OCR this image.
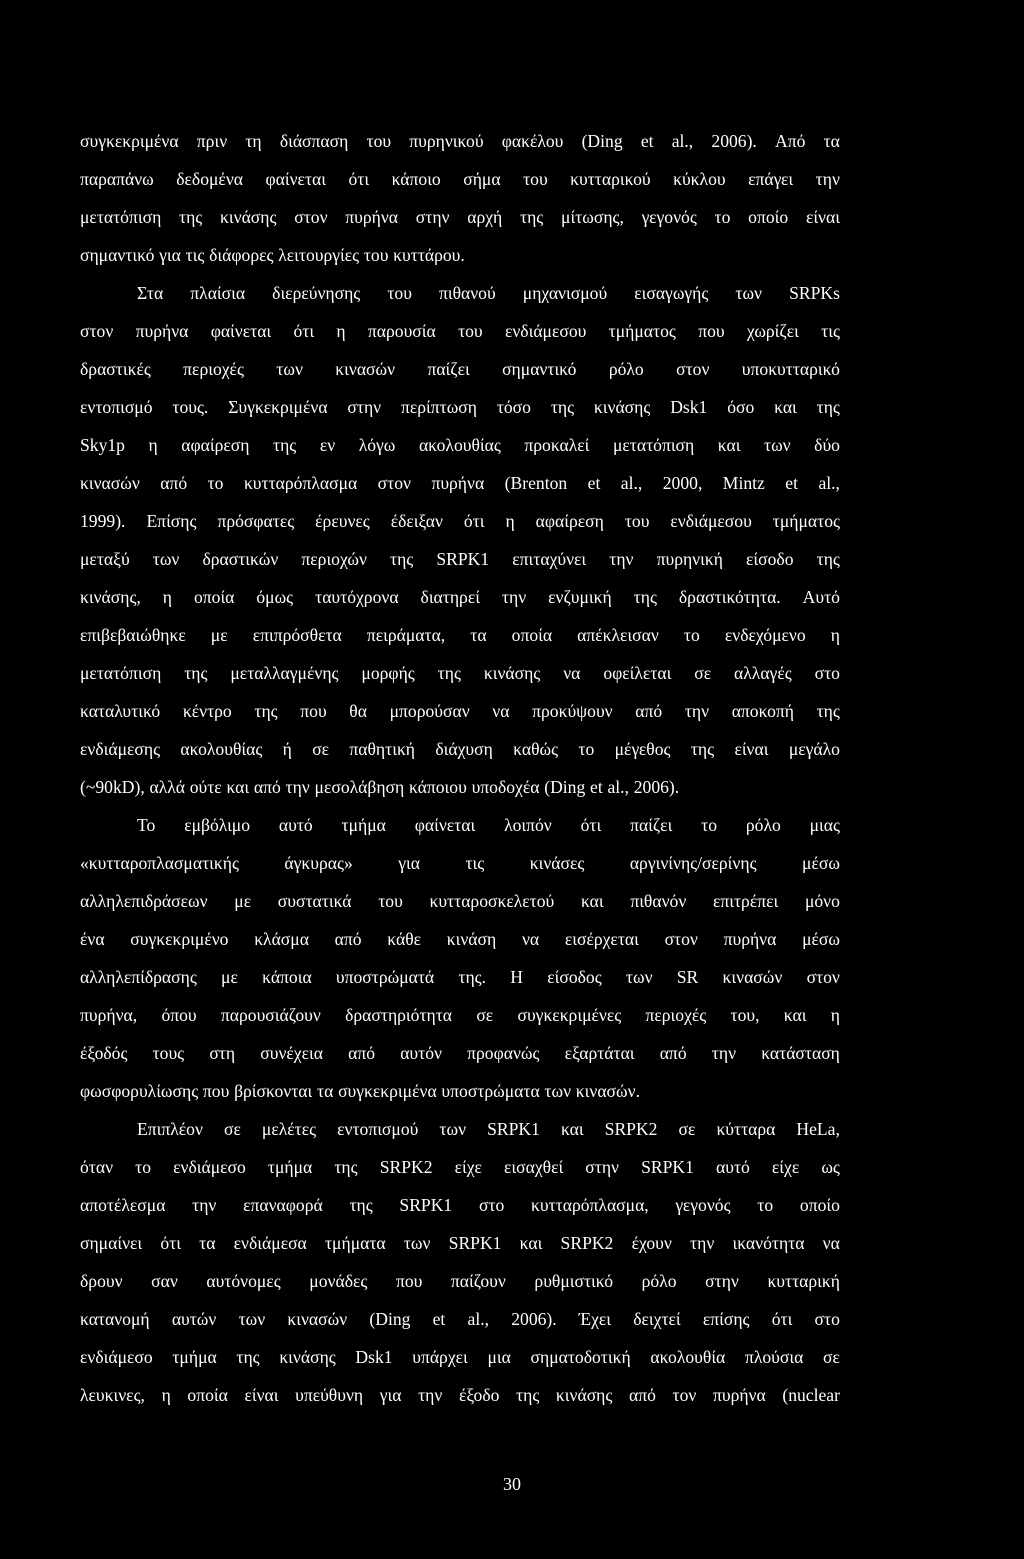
συγκεκριμένα πριν τη διάσπαση του πυρηνικού φακέλου (Ding et al., 2006). Από τα
παραπάνω δεδομένα φαίνεται ότι κάποιο σήμα του κυτταρικού κύκλου επάγει την
μετατόπιση της κινάσης στον πυρήνα στην αρχή της μίτωσης, γεγονός το οποίο είναι
σημαντικό για τις διάφορες λειτουργίες του κυττάρου.
Στα πλαίσια διερεύνησης του πιθανού μηχανισμού εισαγωγής των SRPKs
στον πυρήνα φαίνεται ότι η παρουσία του ενδιάμεσου τμήματος που χωρίζει τις
δραστικές περιοχές των κινασών παίζει σημαντικό ρόλο στον υποκυτταρικό
εντοπισμό τους. Συγκεκριμένα στην περίπτωση τόσο της κινάσης Dsk1 όσο και της
Sky1p η αφαίρεση της εν λόγω ακολουθίας προκαλεί μετατόπιση και των δύο
κινασών από το κυτταρόπλασμα στον πυρήνα (Brenton et al., 2000, Mintz et al.,
1999). Επίσης πρόσφατες έρευνες έδειξαν ότι η αφαίρεση του ενδιάμεσου τμήματος
μεταξύ των δραστικών περιοχών της SRPK1 επιταχύνει την πυρηνική είσοδο της
κινάσης, η οποία όμως ταυτόχρονα διατηρεί την ενζυμική της δραστικότητα. Αυτό
επιβεβαιώθηκε με επιπρόσθετα πειράματα, τα οποία απέκλεισαν το ενδεχόμενο η
μετατόπιση της μεταλλαγμένης μορφής της κινάσης να οφείλεται σε αλλαγές στο
καταλυτικό κέντρο της που θα μπορούσαν να προκύψουν από την αποκοπή της
ενδιάμεσης ακολουθίας ή σε παθητική διάχυση καθώς το μέγεθος της είναι μεγάλο
(~90kD), αλλά ούτε και από την μεσολάβηση κάποιου υποδοχέα (Ding et al., 2006).
Το εμβόλιμο αυτό τμήμα φαίνεται λοιπόν ότι παίζει το ρόλο μιας
«κυτταροπλασματικής	άγκυρας»	για	τις	κινάσες	αργινίνης/σερίνης	μέσω
αλληλεπιδράσεων με συστατικά του κυτταροσκελετού και πιθανόν επιτρέπει μόνο
ένα συγκεκριμένο κλάσμα από κάθε κινάση να εισέρχεται στον πυρήνα μέσω
αλληλεπίδρασης με κάποια υποστρώματά της. Η είσοδος των SR κινασών στον
πυρήνα, όπου παρουσιάζουν δραστηριότητα σε συγκεκριμένες περιοχές του, και η
έξοδός τους στη συνέχεια από αυτόν προφανώς εξαρτάται από την κατάσταση
φωσφορυλίωσης που βρίσκονται τα συγκεκριμένα υποστρώματα των κινασών.
Επιπλέον σε μελέτες εντοπισμού των SRPK1 και SRPK2 σε κύτταρα HeLa,
όταν το ενδιάμεσο τμήμα της SRPK2 είχε εισαχθεί στην SRPK1 αυτό είχε ως
αποτέλεσμα την επαναφορά της SRPK1 στο κυτταρόπλασμα, γεγονός το οποίο
σημαίνει ότι τα ενδιάμεσα τμήματα των SRPK1 και SRPK2 έχουν την ικανότητα να
δρουν σαν αυτόνομες μονάδες που παίζουν ρυθμιστικό ρόλο στην κυτταρική
κατανομή αυτών των κινασών (Ding et al., 2006). Έχει δειχτεί επίσης ότι στο
ενδιάμεσο τμήμα της κινάσης Dsk1 υπάρχει μια σηματοδοτική ακολουθία πλούσια σε
λευκινες, η οποία είναι υπεύθυνη για την έξοδο της κινάσης από τον πυρήνα (nuclear
30
